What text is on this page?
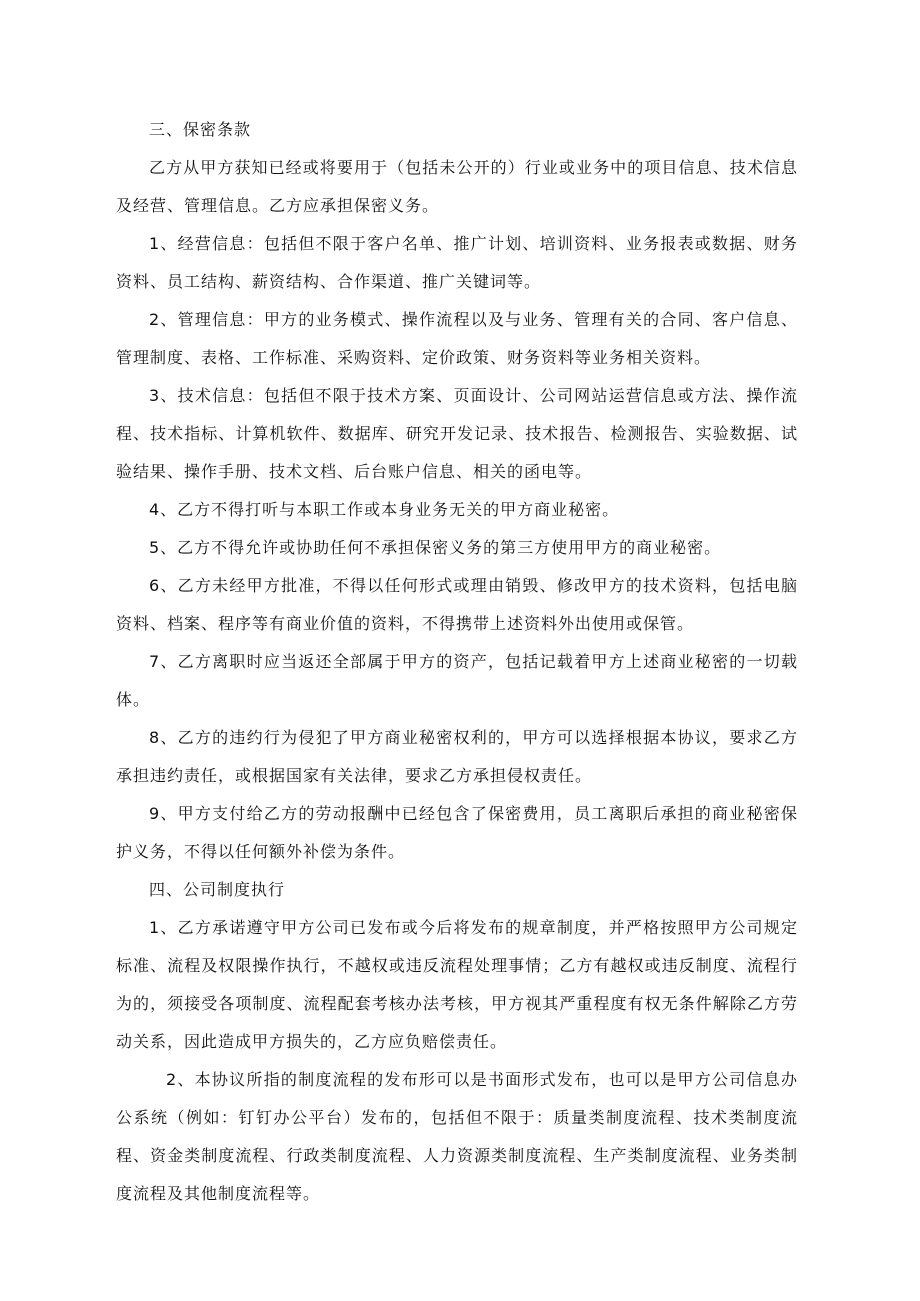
三、保密条款

乙方从甲方获知已经或将要用于（包括未公开的）行业或业务中的项目信息、技术信息及经营、管理信息。乙方应承担保密义务。

1、经营信息：包括但不限于客户名单、推广计划、培训资料、业务报表或数据、财务资料、员工结构、薪资结构、合作渠道、推广关键词等。

2、管理信息：甲方的业务模式、操作流程以及与业务、管理有关的合同、客户信息、管理制度、表格、工作标准、采购资料、定价政策、财务资料等业务相关资料。

3、技术信息：包括但不限于技术方案、页面设计、公司网站运营信息或方法、操作流程、技术指标、计算机软件、数据库、研究开发记录、技术报告、检测报告、实验数据、试验结果、操作手册、技术文档、后台账户信息、相关的函电等。

4、乙方不得打听与本职工作或本身业务无关的甲方商业秘密。

5、乙方不得允许或协助任何不承担保密义务的第三方使用甲方的商业秘密。

6、乙方未经甲方批准，不得以任何形式或理由销毁、修改甲方的技术资料，包括电脑资料、档案、程序等有商业价值的资料，不得携带上述资料外出使用或保管。

7、乙方离职时应当返还全部属于甲方的资产，包括记载着甲方上述商业秘密的一切载体。

8、乙方的违约行为侵犯了甲方商业秘密权利的，甲方可以选择根据本协议，要求乙方承担违约责任，或根据国家有关法律，要求乙方承担侵权责任。

9、甲方支付给乙方的劳动报酬中已经包含了保密费用，员工离职后承担的商业秘密保护义务，不得以任何额外补偿为条件。

四、公司制度执行

1、乙方承诺遵守甲方公司已发布或今后将发布的规章制度，并严格按照甲方公司规定标准、流程及权限操作执行，不越权或违反流程处理事情；乙方有越权或违反制度、流程行为的，须接受各项制度、流程配套考核办法考核，甲方视其严重程度有权无条件解除乙方劳动关系，因此造成甲方损失的，乙方应负赔偿责任。

2、本协议所指的制度流程的发布形可以是书面形式发布，也可以是甲方公司信息办公系统（例如：钉钉办公平台）发布的，包括但不限于：质量类制度流程、技术类制度流程、资金类制度流程、行政类制度流程、人力资源类制度流程、生产类制度流程、业务类制度流程及其他制度流程等。
